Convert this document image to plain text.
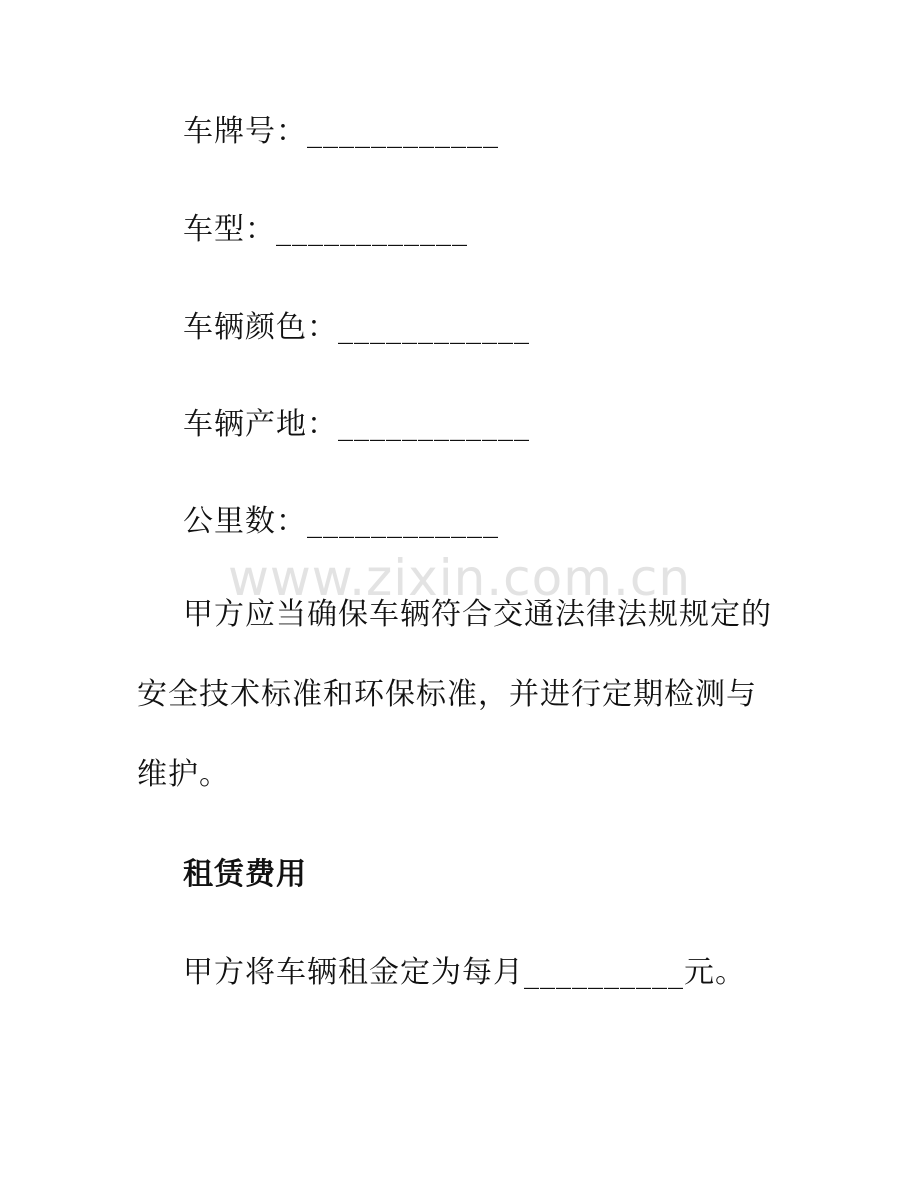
车牌号：____________
车型：____________
车辆颜色：____________
车辆产地：____________
公里数：____________
www.zixin.com.cn
甲方应当确保车辆符合交通法律法规规定的
安全技术标准和环保标准，并进行定期检测与
维护。
租赁费用
甲方将车辆租金定为每月__________元。
